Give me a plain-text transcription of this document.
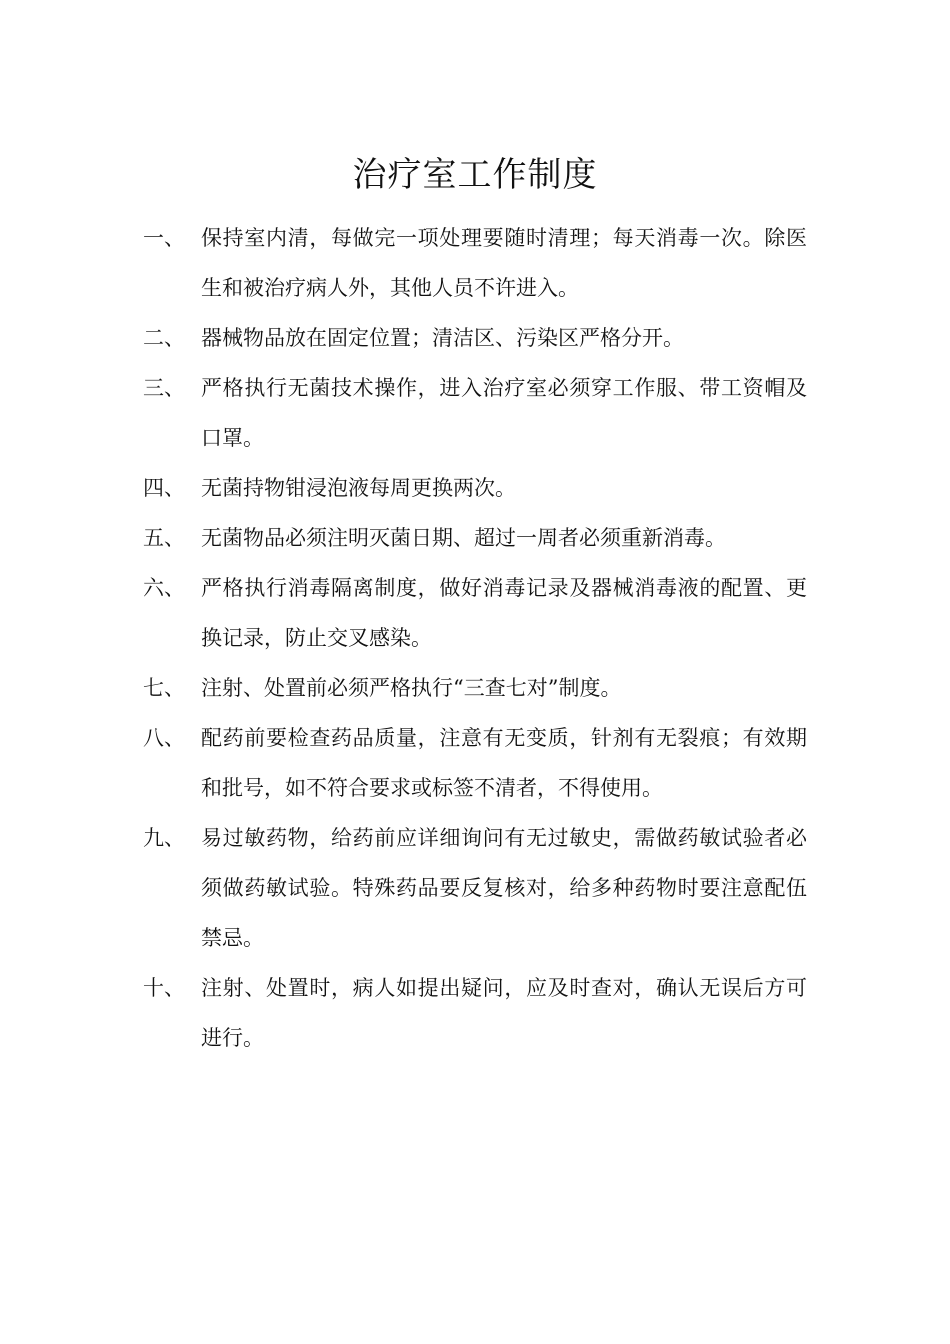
治疗室工作制度
一、 保持室内清，每做完一项处理要随时清理；每天消毒一次。除医生和被治疗病人外，其他人员不许进入。
二、 器械物品放在固定位置；清洁区、污染区严格分开。
三、 严格执行无菌技术操作，进入治疗室必须穿工作服、带工资帽及口罩。
四、 无菌持物钳浸泡液每周更换两次。
五、 无菌物品必须注明灭菌日期、超过一周者必须重新消毒。
六、 严格执行消毒隔离制度，做好消毒记录及器械消毒液的配置、更换记录，防止交叉感染。
七、 注射、处置前必须严格执行“三查七对”制度。
八、 配药前要检查药品质量，注意有无变质，针剂有无裂痕；有效期和批号，如不符合要求或标签不清者，不得使用。
九、 易过敏药物，给药前应详细询问有无过敏史，需做药敏试验者必须做药敏试验。特殊药品要反复核对，给多种药物时要注意配伍禁忌。
十、 注射、处置时，病人如提出疑问，应及时查对，确认无误后方可进行。
